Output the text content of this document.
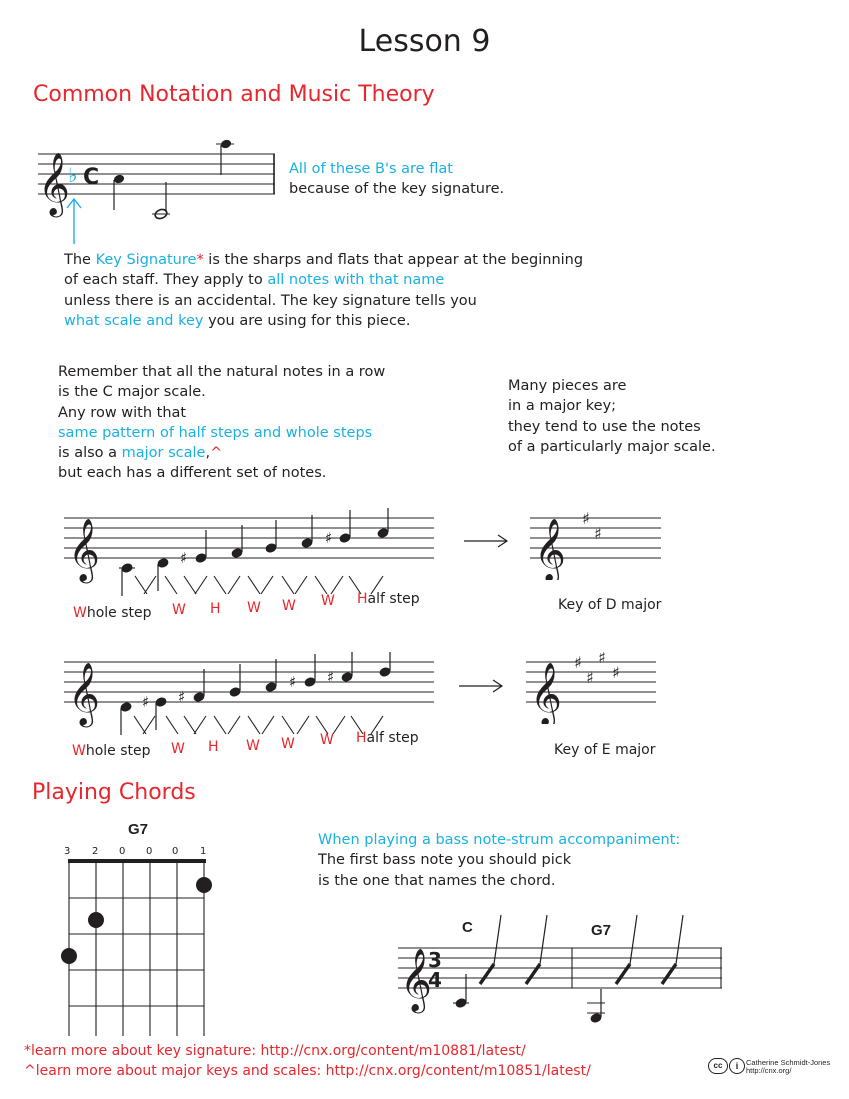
Lesson 9
Common Notation and Music Theory
𝄞
♭ C	All of these B's are flat
because of the key signature.
The Key Signature* is the sharps and flats that appear at the beginning
of each staff. They apply to all notes with that name
unless there is an accidental. The key signature tells you
what scale and key you are using for this piece.
Remember that all the natural notes in a row
is the C major scale.
Any row with that
same pattern of half steps and whole steps
is also a major scale,^
but each has a different set of notes.
Many pieces are
in a major key;
they tend to use the notes
of a particularly major scale.
𝄞	♯
♯
Whole step W H W W W Half step
𝄞 ♯
♯
Key of D major
𝄞	♯ ♯
♯ ♯
Whole step W H W W W Half step
𝄞 ♯
♯
♯
♯
Key of E major
Playing Chords
G7
3 2 0 0 0 1
When playing a bass note-strum accompaniment:
The first bass note you should pick
is the one that names the chord.
C	G7
𝄞
3
4
*learn more about key signature: http://cnx.org/content/m10881/latest/
^learn more about major keys and scales: http://cnx.org/content/m10851/latest/	cc	i	Catherine Schmidt-Jones
http://cnx.org/
